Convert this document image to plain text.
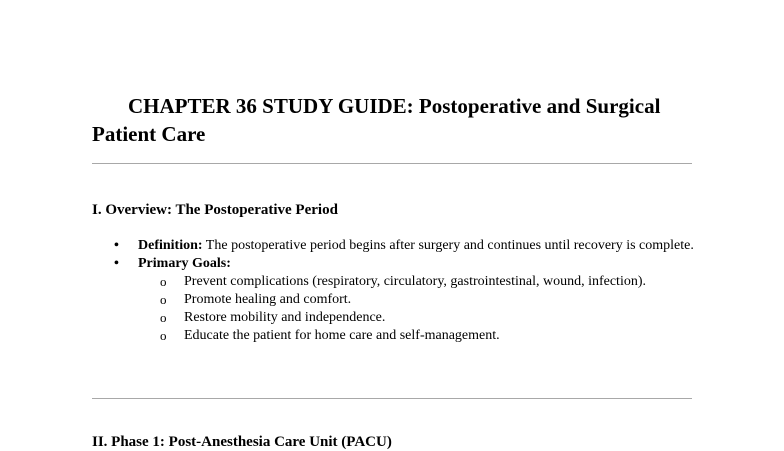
CHAPTER 36 STUDY GUIDE: Postoperative and Surgical Patient Care
I. Overview: The Postoperative Period
• Definition: The postoperative period begins after surgery and continues until recovery is complete.
• Primary Goals:
o Prevent complications (respiratory, circulatory, gastrointestinal, wound, infection).
o Promote healing and comfort.
o Restore mobility and independence.
o Educate the patient for home care and self-management.
II. Phase 1: Post-Anesthesia Care Unit (PACU)
